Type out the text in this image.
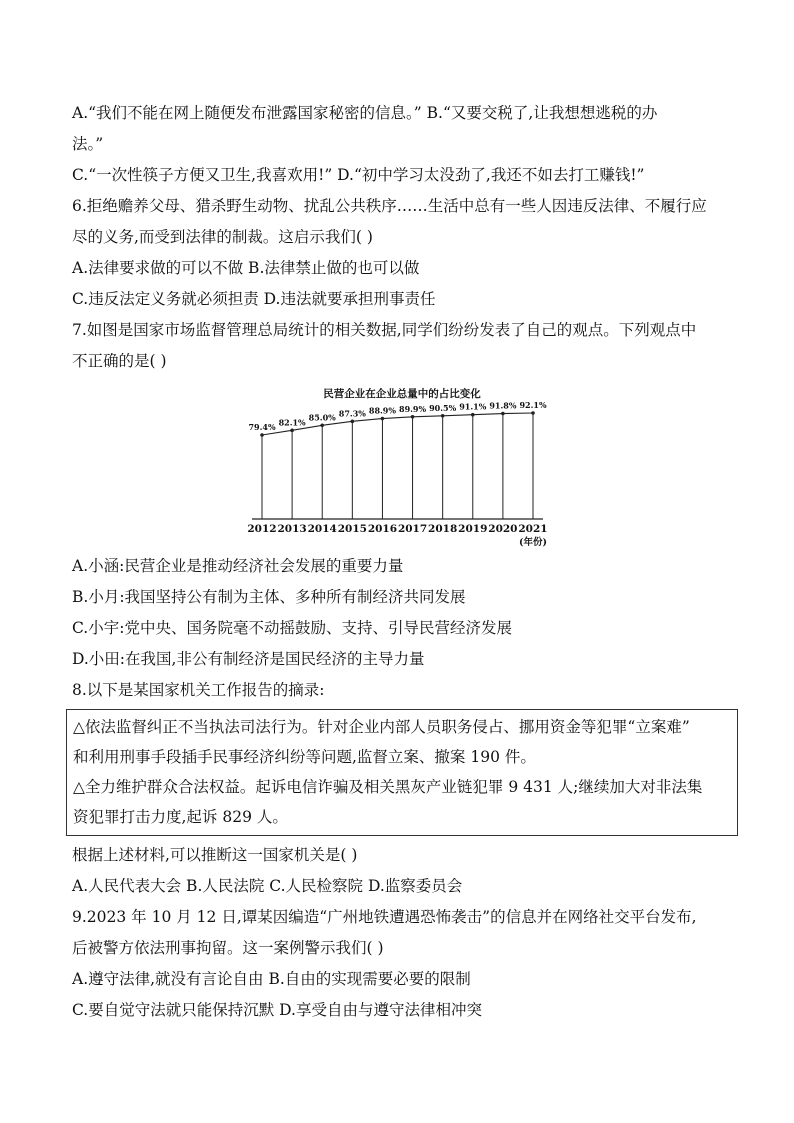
A.“我们不能在网上随便发布泄露国家秘密的信息。” B.“又要交税了,让我想想逃税的办
法。”
C.“一次性筷子方便又卫生,我喜欢用!” D.“初中学习太没劲了,我还不如去打工赚钱!”
6.拒绝赡养父母、猎杀野生动物、扰乱公共秩序……生活中总有一些人因违反法律、不履行应
尽的义务,而受到法律的制裁。这启示我们( )
A.法律要求做的可以不做 B.法律禁止做的也可以做
C.违反法定义务就必须担责 D.违法就要承担刑事责任
7.如图是国家市场监督管理总局统计的相关数据,同学们纷纷发表了自己的观点。下列观点中
不正确的是( )
民营企业在企业总量中的占比变化
79.4%
2012
82.1%
2013
85.0%
2014
87.3%
2015
88.9%
2016
89.9%
2017
90.5%
2018
91.1%
2019
91.8%
2020
92.1%
2021
(年份)
A.小涵:民营企业是推动经济社会发展的重要力量
B.小月:我国坚持公有制为主体、多种所有制经济共同发展
C.小宇:党中央、国务院毫不动摇鼓励、支持、引导民营经济发展
D.小田:在我国,非公有制经济是国民经济的主导力量
8.以下是某国家机关工作报告的摘录:
△依法监督纠正不当执法司法行为。针对企业内部人员职务侵占、挪用资金等犯罪“立案难”
和利用刑事手段插手民事经济纠纷等问题,监督立案、撤案 190 件。
△全力维护群众合法权益。起诉电信诈骗及相关黑灰产业链犯罪 9 431 人;继续加大对非法集
资犯罪打击力度,起诉 829 人。
根据上述材料,可以推断这一国家机关是( )
A.人民代表大会 B.人民法院 C.人民检察院 D.监察委员会
9.2023 年 10 月 12 日,谭某因编造“广州地铁遭遇恐怖袭击”的信息并在网络社交平台发布,
后被警方依法刑事拘留。这一案例警示我们( )
A.遵守法律,就没有言论自由 B.自由的实现需要必要的限制
C.要自觉守法就只能保持沉默 D.享受自由与遵守法律相冲突
